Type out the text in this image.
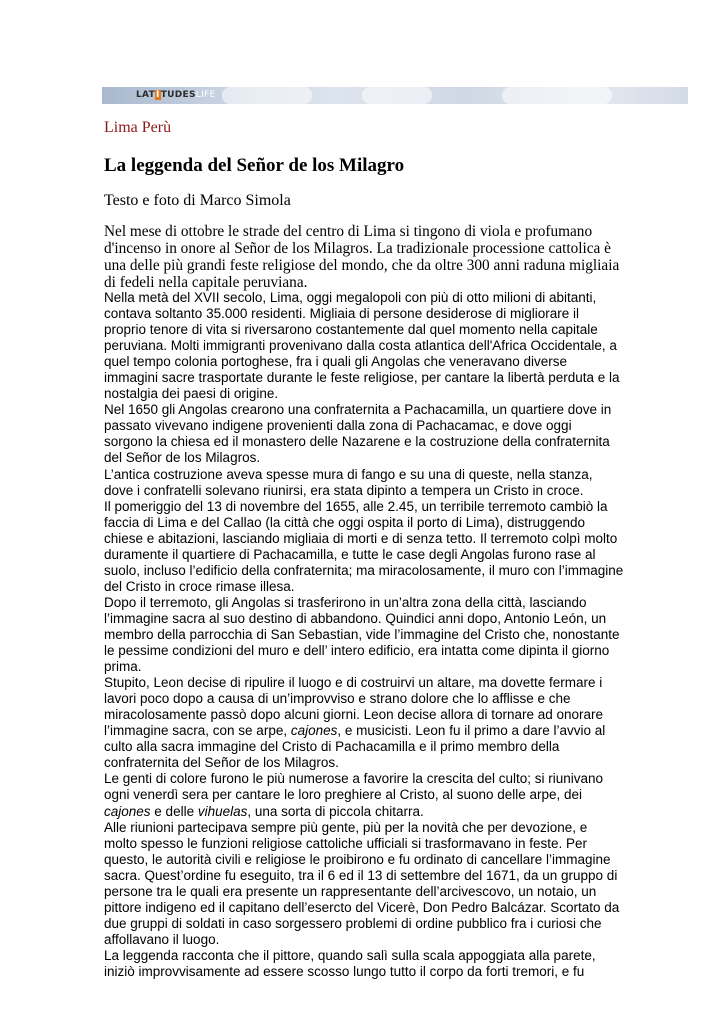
LATITUDESLIFE
Lima Perù
La leggenda del Señor de los Milagro
Testo e foto di Marco Simola

Nel mese di ottobre le strade del centro di Lima si tingono di viola e profumano d'incenso in onore al Señor de los Milagros. La tradizionale processione cattolica è una delle più grandi feste religiose del mondo, che da oltre 300 anni raduna migliaia di fedeli nella capitale peruviana.

Nella metà del XVII secolo, Lima, oggi megalopoli con più di otto milioni di abitanti, contava soltanto 35.000 residenti. Migliaia di persone desiderose di migliorare il proprio tenore di vita si riversarono costantemente dal quel momento nella capitale peruviana. Molti immigranti provenivano dalla costa atlantica dell'Africa Occidentale, a quel tempo colonia portoghese, fra i quali gli Angolas che veneravano diverse immagini sacre trasportate durante le feste religiose, per cantare la libertà perduta e la nostalgia dei paesi di origine.
Nel 1650 gli Angolas crearono una confraternita a Pachacamilla, un quartiere dove in passato vivevano indigene provenienti dalla zona di Pachacamac, e dove oggi sorgono la chiesa ed il monastero delle Nazarene e la costruzione della confraternita del Señor de los Milagros.
L’antica costruzione aveva spesse mura di fango e su una di queste, nella stanza, dove i confratelli solevano riunirsi, era stata dipinto a tempera un Cristo in croce.
Il pomeriggio del 13 di novembre del 1655, alle 2.45, un terribile terremoto cambiò la faccia di Lima e del Callao (la città che oggi ospita il porto di Lima), distruggendo chiese e abitazioni, lasciando migliaia di morti e di senza tetto. Il terremoto colpì molto duramente il quartiere di Pachacamilla, e tutte le case degli Angolas furono rase al suolo, incluso l’edificio della confraternita; ma miracolosamente, il muro con l’immagine del Cristo in croce rimase illesa.
Dopo il terremoto, gli Angolas si trasferirono in un’altra zona della città, lasciando l’immagine sacra al suo destino di abbandono. Quindici anni dopo, Antonio León, un membro della parrocchia di San Sebastian, vide l’immagine del Cristo che, nonostante le pessime condizioni del muro e dell’ intero edificio, era intatta come dipinta il giorno prima.
Stupito, Leon decise di ripulire il luogo e di costruirvi un altare, ma dovette fermare i lavori poco dopo a causa di un’improvviso e strano dolore che lo afflisse e che miracolosamente passò dopo alcuni giorni. Leon decise allora di tornare ad onorare l’immagine sacra, con se arpe, cajones, e musicisti. Leon fu il primo a dare l’avvio al culto alla sacra immagine del Cristo di Pachacamilla e il primo membro della confraternita del Señor de los Milagros.
Le genti di colore furono le più numerose a favorire la crescita del culto; si riunivano ogni venerdì sera per cantare le loro preghiere al Cristo, al suono delle arpe, dei cajones e delle vihuelas, una sorta di piccola chitarra.
Alle riunioni partecipava sempre più gente, più per la novità che per devozione, e molto spesso le funzioni religiose cattoliche ufficiali si trasformavano in feste. Per questo, le autorità civili e religiose le proibirono e fu ordinato di cancellare l’immagine sacra. Quest’ordine fu eseguito, tra il 6 ed il 13 di settembre del 1671, da un gruppo di persone tra le quali era presente un rappresentante dell’arcivescovo, un notaio, un pittore indigeno ed il capitano dell’esercto del Vicerè, Don Pedro Balcázar. Scortato da due gruppi di soldati in caso sorgessero problemi di ordine pubblico fra i curiosi che affollavano il luogo.
La leggenda racconta che il pittore, quando salì sulla scala appoggiata alla parete, iniziò improvvisamente ad essere scosso lungo tutto il corpo da forti tremori, e fu
